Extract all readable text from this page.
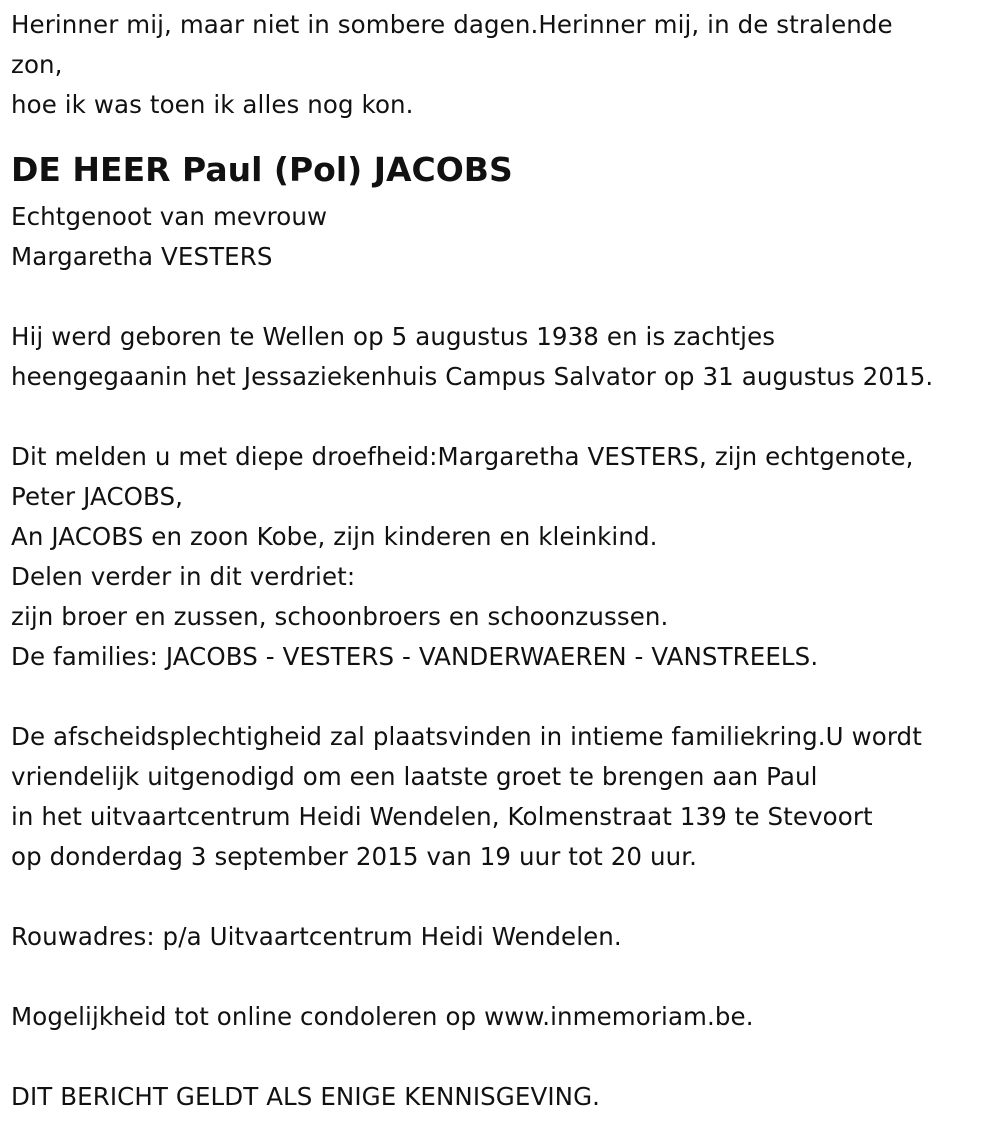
Herinner mij, maar niet in sombere dagen.Herinner mij, in de stralende
zon,
hoe ik was toen ik alles nog kon.
DE HEER Paul (Pol) JACOBS
Echtgenoot van mevrouw
Margaretha VESTERS
Hij werd geboren te Wellen op 5 augustus 1938 en is zachtjes
heengegaanin het Jessaziekenhuis Campus Salvator op 31 augustus 2015.
Dit melden u met diepe droefheid:Margaretha VESTERS, zijn echtgenote,
Peter JACOBS,
An JACOBS en zoon Kobe, zijn kinderen en kleinkind.
Delen verder in dit verdriet:
zijn broer en zussen, schoonbroers en schoonzussen.
De families: JACOBS - VESTERS - VANDERWAEREN - VANSTREELS.
De afscheidsplechtigheid zal plaatsvinden in intieme familiekring.U wordt
vriendelijk uitgenodigd om een laatste groet te brengen aan Paul
in het uitvaartcentrum Heidi Wendelen, Kolmenstraat 139 te Stevoort
op donderdag 3 september 2015 van 19 uur tot 20 uur.
Rouwadres: p/a Uitvaartcentrum Heidi Wendelen.
Mogelijkheid tot online condoleren op www.inmemoriam.be.
DIT BERICHT GELDT ALS ENIGE KENNISGEVING.
